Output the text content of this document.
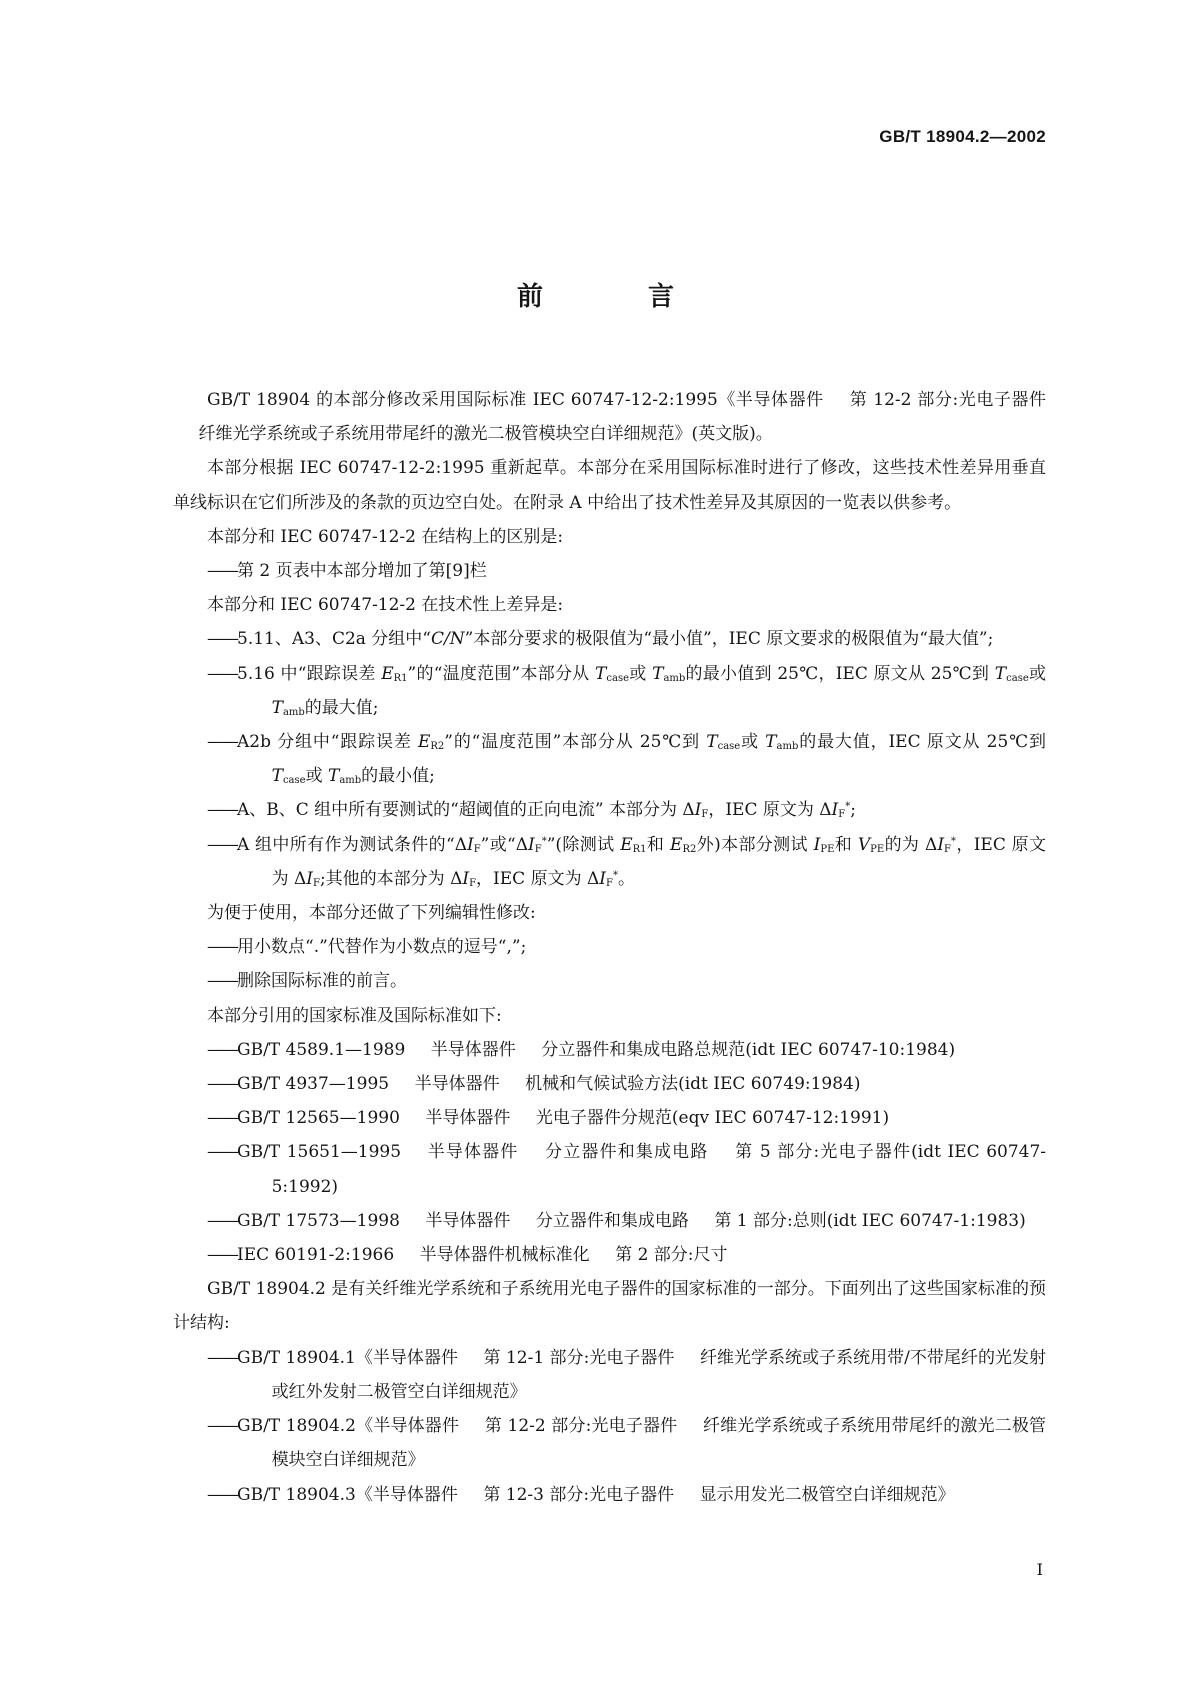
GB/T 18904.2—2002
前 言
GB/T 18904 的本部分修改采用国际标准 IEC 60747-12-2:1995《半导体器件 第 12-2 部分:光电子器件纤维光学系统或子系统用带尾纤的激光二极管模块空白详细规范》(英文版)。
本部分根据 IEC 60747-12-2:1995 重新起草。本部分在采用国际标准时进行了修改，这些技术性差异用垂直单线标识在它们所涉及的条款的页边空白处。在附录 A 中给出了技术性差异及其原因的一览表以供参考。
本部分和 IEC 60747-12-2 在结构上的区别是:
——第 2 页表中本部分增加了第[9]栏
本部分和 IEC 60747-12-2 在技术性上差异是:
——5.11、A3、C2a 分组中“C/N”本部分要求的极限值为“最小值”，IEC 原文要求的极限值为“最大值”;
——5.16 中“跟踪误差 $E_{R1}$”的“温度范围”本部分从 $T_{case}$或 $T_{amb}$的最小值到 25℃，IEC 原文从 25℃到 $T_{case}$或 $T_{amb}$的最大值;
——A2b 分组中“跟踪误差 $E_{R2}$”的“温度范围”本部分从 25℃到 $T_{case}$或 $T_{amb}$的最大值，IEC 原文从 25℃到 $T_{case}$或 $T_{amb}$的最小值;
——A、B、C 组中所有要测试的“超阈值的正向电流” 本部分为 $\Delta I_F$，IEC 原文为 $\Delta I_F^*$;
——A 组中所有作为测试条件的“$\Delta I_F$”或“$\Delta I_F^*$”(除测试 $E_{R1}$和 $E_{R2}$外)本部分测试 $I_{PE}$和 $V_{PE}$的为 $\Delta I_F^*$，IEC 原文为 $\Delta I_F$;其他的本部分为 $\Delta I_F$，IEC 原文为 $\Delta I_F^*$。
为便于使用，本部分还做了下列编辑性修改:
——用小数点“.”代替作为小数点的逗号“,”;
——删除国际标准的前言。
本部分引用的国家标准及国际标准如下:
——GB/T 4589.1—1989 半导体器件 分立器件和集成电路总规范(idt IEC 60747-10:1984)
——GB/T 4937—1995 半导体器件 机械和气候试验方法(idt IEC 60749:1984)
——GB/T 12565—1990 半导体器件 光电子器件分规范(eqv IEC 60747-12:1991)
——GB/T 15651—1995 半导体器件 分立器件和集成电路 第 5 部分:光电子器件(idt IEC 60747-5:1992)
——GB/T 17573—1998 半导体器件 分立器件和集成电路 第 1 部分:总则(idt IEC 60747-1:1983)
——IEC 60191-2:1966 半导体器件机械标准化 第 2 部分:尺寸
GB/T 18904.2 是有关纤维光学系统和子系统用光电子器件的国家标准的一部分。下面列出了这些国家标准的预计结构:
——GB/T 18904.1《半导体器件 第 12-1 部分:光电子器件 纤维光学系统或子系统用带/不带尾纤的光发射或红外发射二极管空白详细规范》
——GB/T 18904.2《半导体器件 第 12-2 部分:光电子器件 纤维光学系统或子系统用带尾纤的激光二极管模块空白详细规范》
——GB/T 18904.3《半导体器件 第 12-3 部分:光电子器件 显示用发光二极管空白详细规范》
I
